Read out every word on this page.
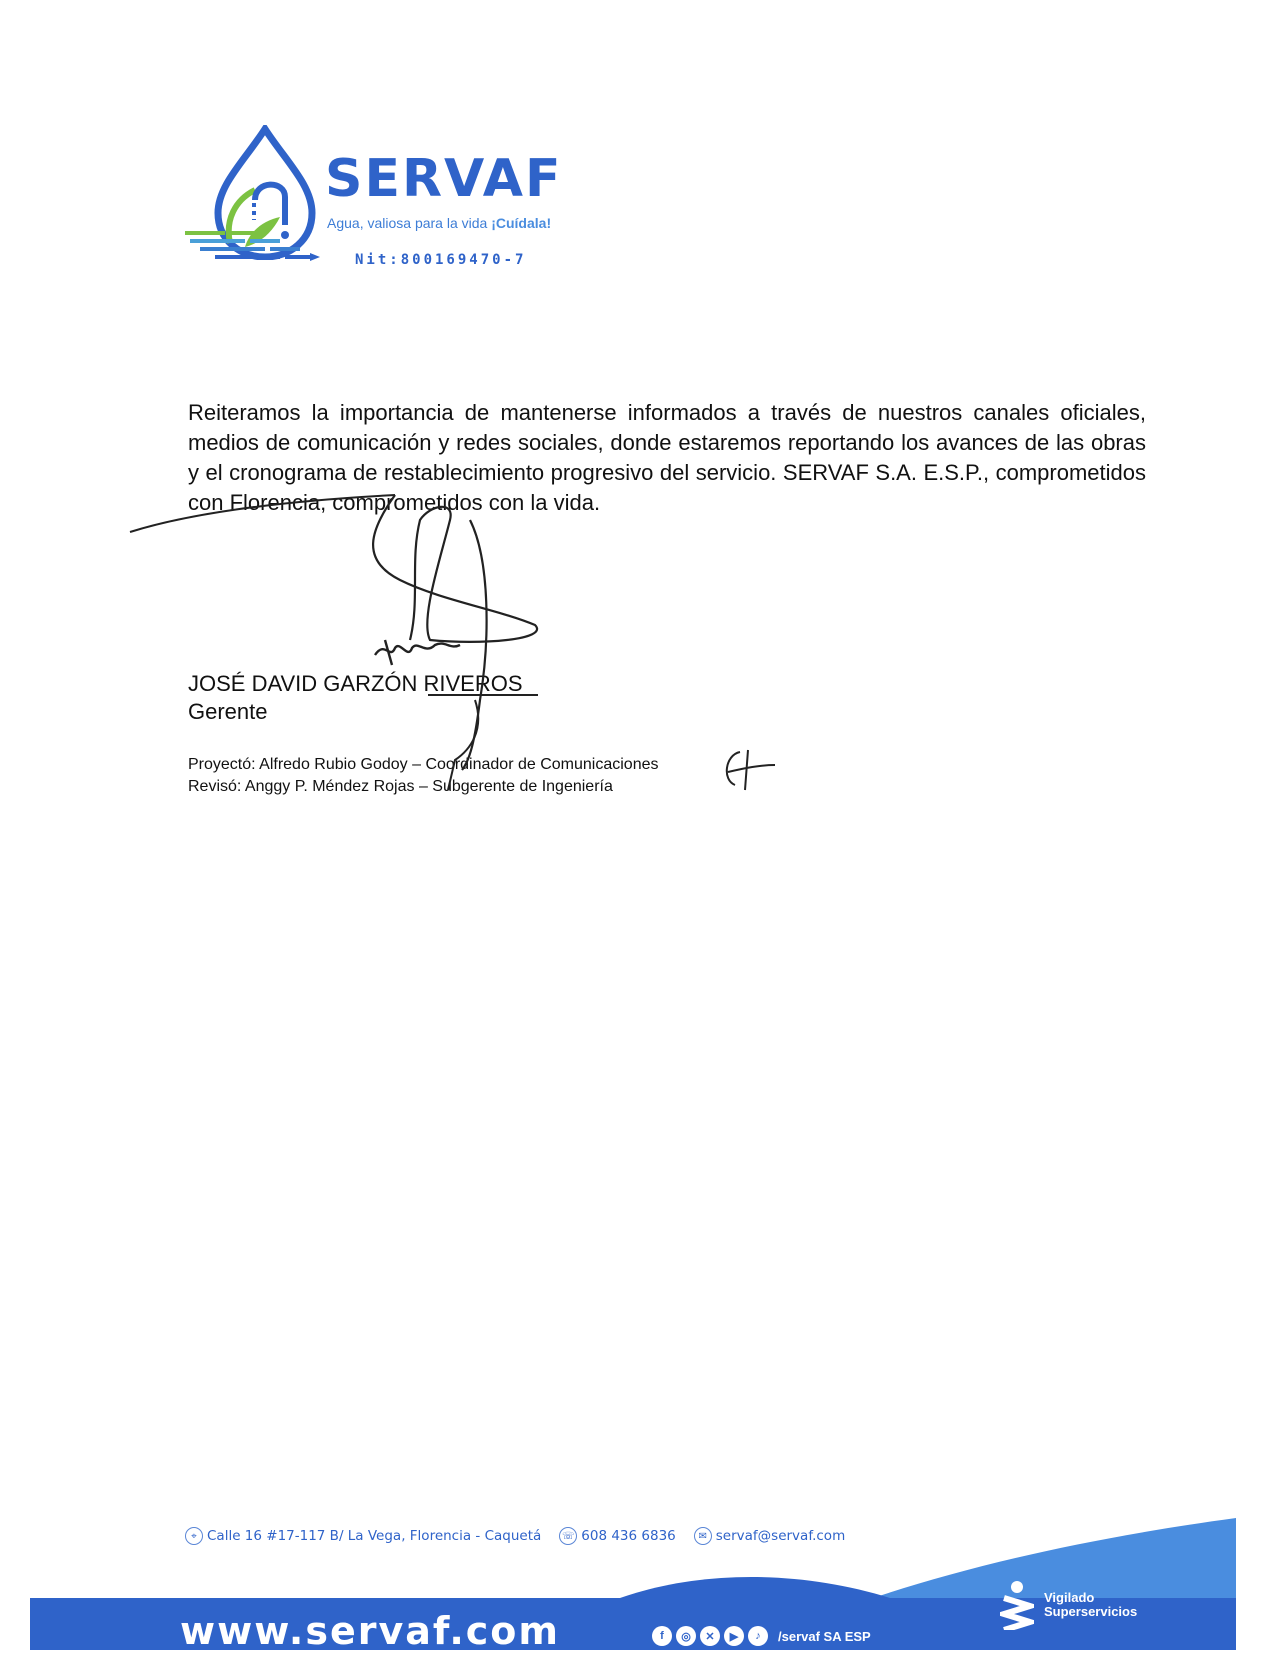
SERVAF
Agua, valiosa para la vida ¡Cuídala!
Nit:800169470-7

Reiteramos la importancia de mantenerse informados a través de nuestros canales oficiales, medios de comunicación y redes sociales, donde estaremos reportando los avances de las obras y el cronograma de restablecimiento progresivo del servicio. SERVAF S.A. E.S.P., comprometidos con Florencia, comprometidos con la vida.

JOSÉ DAVID GARZÓN RIVEROS
Gerente
Proyectó: Alfredo Rubio Godoy – Coordinador de Comunicaciones
Revisó: Anggy P. Méndez Rojas – Subgerente de Ingeniería
⌖ Calle 16 #17-117 B/ La Vega, Florencia - Caquetá ☏ 608 436 6836	✉ servaf@servaf.com
www.servaf.com	f	◎	✕	▶	♪	/servaf SA ESP
Vigilado
Superservicios
